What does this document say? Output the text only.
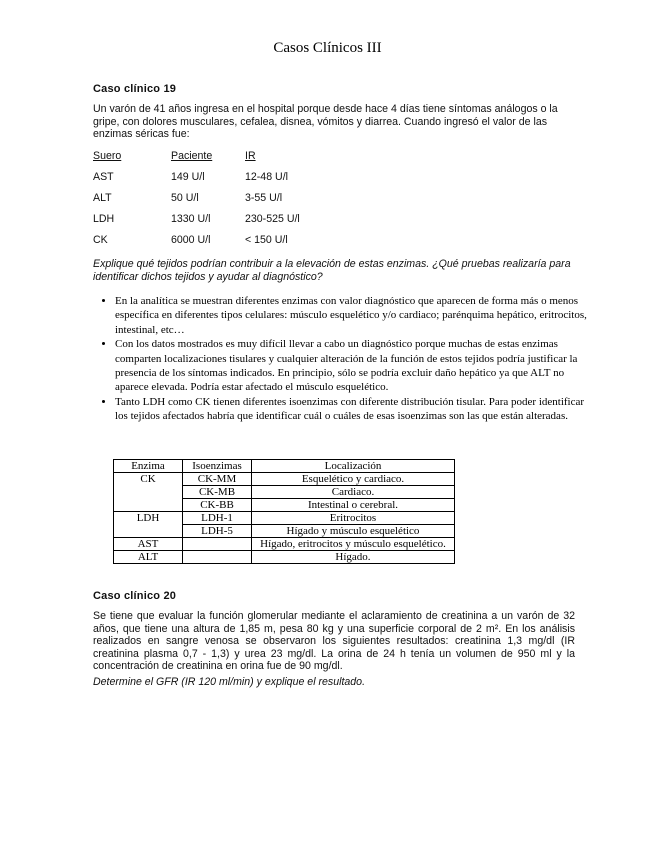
Casos Clínicos III
Caso clínico 19
Un varón de 41 años ingresa en el hospital porque desde hace 4 días tiene síntomas análogos o la gripe, con dolores musculares, cefalea, disnea, vómitos y diarrea. Cuando ingresó el valor de las enzimas séricas fue:
Suero	Paciente	IR
AST	149 U/l	12-48 U/l
ALT	50 U/l	3-55 U/l
LDH	1330 U/l	230-525 U/l
CK	6000 U/l	< 150 U/l
Explique qué tejidos podrían contribuir a la elevación de estas enzimas. ¿Qué pruebas realizaría para identificar dichos tejidos y ayudar al diagnóstico?
• En la analítica se muestran diferentes enzimas con valor diagnóstico que aparecen de forma más o menos específica en diferentes tipos celulares: músculo esquelético y/o cardiaco; parénquima hepático, eritrocitos, intestinal, etc…
• Con los datos mostrados es muy difícil llevar a cabo un diagnóstico porque muchas de estas enzimas comparten localizaciones tisulares y cualquier alteración de la función de estos tejidos podría justificar la presencia de los síntomas indicados. En principio, sólo se podría excluir daño hepático ya que ALT no aparece elevada. Podría estar afectado el músculo esquelético.
• Tanto LDH como CK tienen diferentes isoenzimas con diferente distribución tisular. Para poder identificar los tejidos afectados habría que identificar cuál o cuáles de esas isoenzimas son las que están alteradas.
Enzima	Isoenzimas	Localización
CK	CK-MM	Esquelético y cardiaco.
	CK-MB	Cardiaco.
	CK-BB	Intestinal o cerebral.
LDH	LDH-1	Eritrocitos
	LDH-5	Hígado y músculo esquelético
AST		Hígado, eritrocitos y músculo esquelético.
ALT		Hígado.
Caso clínico 20
Se tiene que evaluar la función glomerular mediante el aclaramiento de creatinina a un varón de 32 años, que tiene una altura de 1,85 m, pesa 80 kg y una superficie corporal de 2 m². En los análisis realizados en sangre venosa se observaron los siguientes resultados: creatinina 1,3 mg/dl (IR creatinina plasma 0,7 - 1,3) y urea 23 mg/dl. La orina de 24 h tenía un volumen de 950 ml y la concentración de creatinina en orina fue de 90 mg/dl.
Determine el GFR (IR 120 ml/min) y explique el resultado.
